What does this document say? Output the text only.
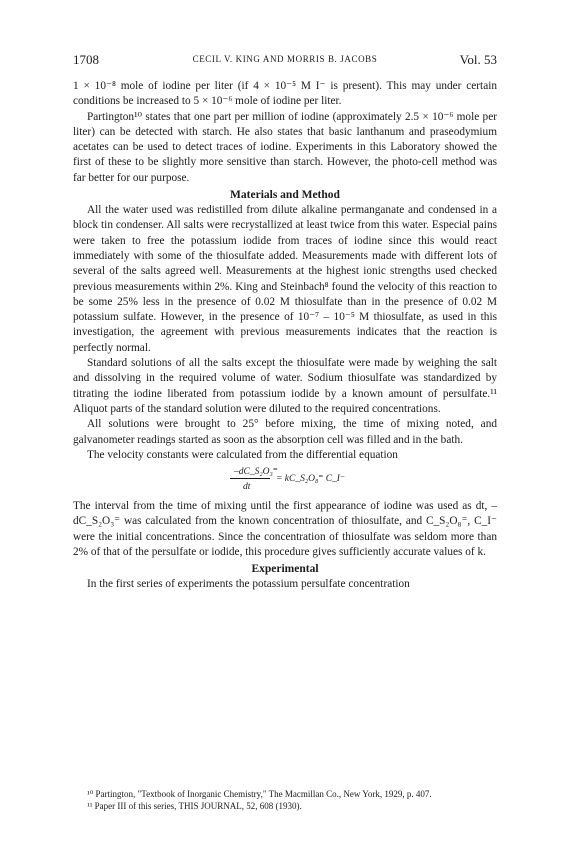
1708	CECIL V. KING AND MORRIS B. JACOBS	Vol. 53

1 × 10⁻⁸ mole of iodine per liter (if 4 × 10⁻⁵ M I⁻ is present). This may under certain conditions be increased to 5 × 10⁻⁶ mole of iodine per liter.

Partington¹⁰ states that one part per million of iodine (approximately 2.5 × 10⁻⁶ mole per liter) can be detected with starch. He also states that basic lanthanum and praseodymium acetates can be used to detect traces of iodine. Experiments in this Laboratory showed the first of these to be slightly more sensitive than starch. However, the photo-cell method was far better for our purpose.

Materials and Method

All the water used was redistilled from dilute alkaline permanganate and condensed in a block tin condenser. All salts were recrystallized at least twice from this water. Especial pains were taken to free the potassium iodide from traces of iodine since this would react immediately with some of the thiosulfate added. Measurements made with different lots of several of the salts agreed well. Measurements at the highest ionic strengths used checked previous measurements within 2%. King and Steinbach⁸ found the velocity of this reaction to be some 25% less in the presence of 0.02 M thiosulfate than in the presence of 0.02 M potassium sulfate. However, in the presence of 10⁻⁷ – 10⁻⁵ M thiosulfate, as used in this investigation, the agreement with previous measurements indicates that the reaction is perfectly normal.

Standard solutions of all the salts except the thiosulfate were made by weighing the salt and dissolving in the required volume of water. Sodium thiosulfate was standardized by titrating the iodine liberated from potassium iodide by a known amount of persulfate.¹¹ Aliquot parts of the standard solution were diluted to the required concentrations.

All solutions were brought to 25° before mixing, the time of mixing noted, and galvanometer readings started as soon as the absorption cell was filled and in the bath.

The velocity constants were calculated from the differential equation

–dC_S₂O₃⁼
dt
= kC_S₂O₈⁼ C_I⁻

The interval from the time of mixing until the first appearance of iodine was used as dt, –dC_S₂O₃⁼ was calculated from the known concentration of thiosulfate, and C_S₂O₈⁼, C_I⁻ were the initial concentrations. Since the concentration of thiosulfate was seldom more than 2% of that of the persulfate or iodide, this procedure gives sufficiently accurate values of k.

Experimental

In the first series of experiments the potassium persulfate concentration

¹⁰ Partington, "Textbook of Inorganic Chemistry," The Macmillan Co., New York, 1929, p. 407.

¹¹ Paper III of this series, THIS JOURNAL, 52, 608 (1930).
